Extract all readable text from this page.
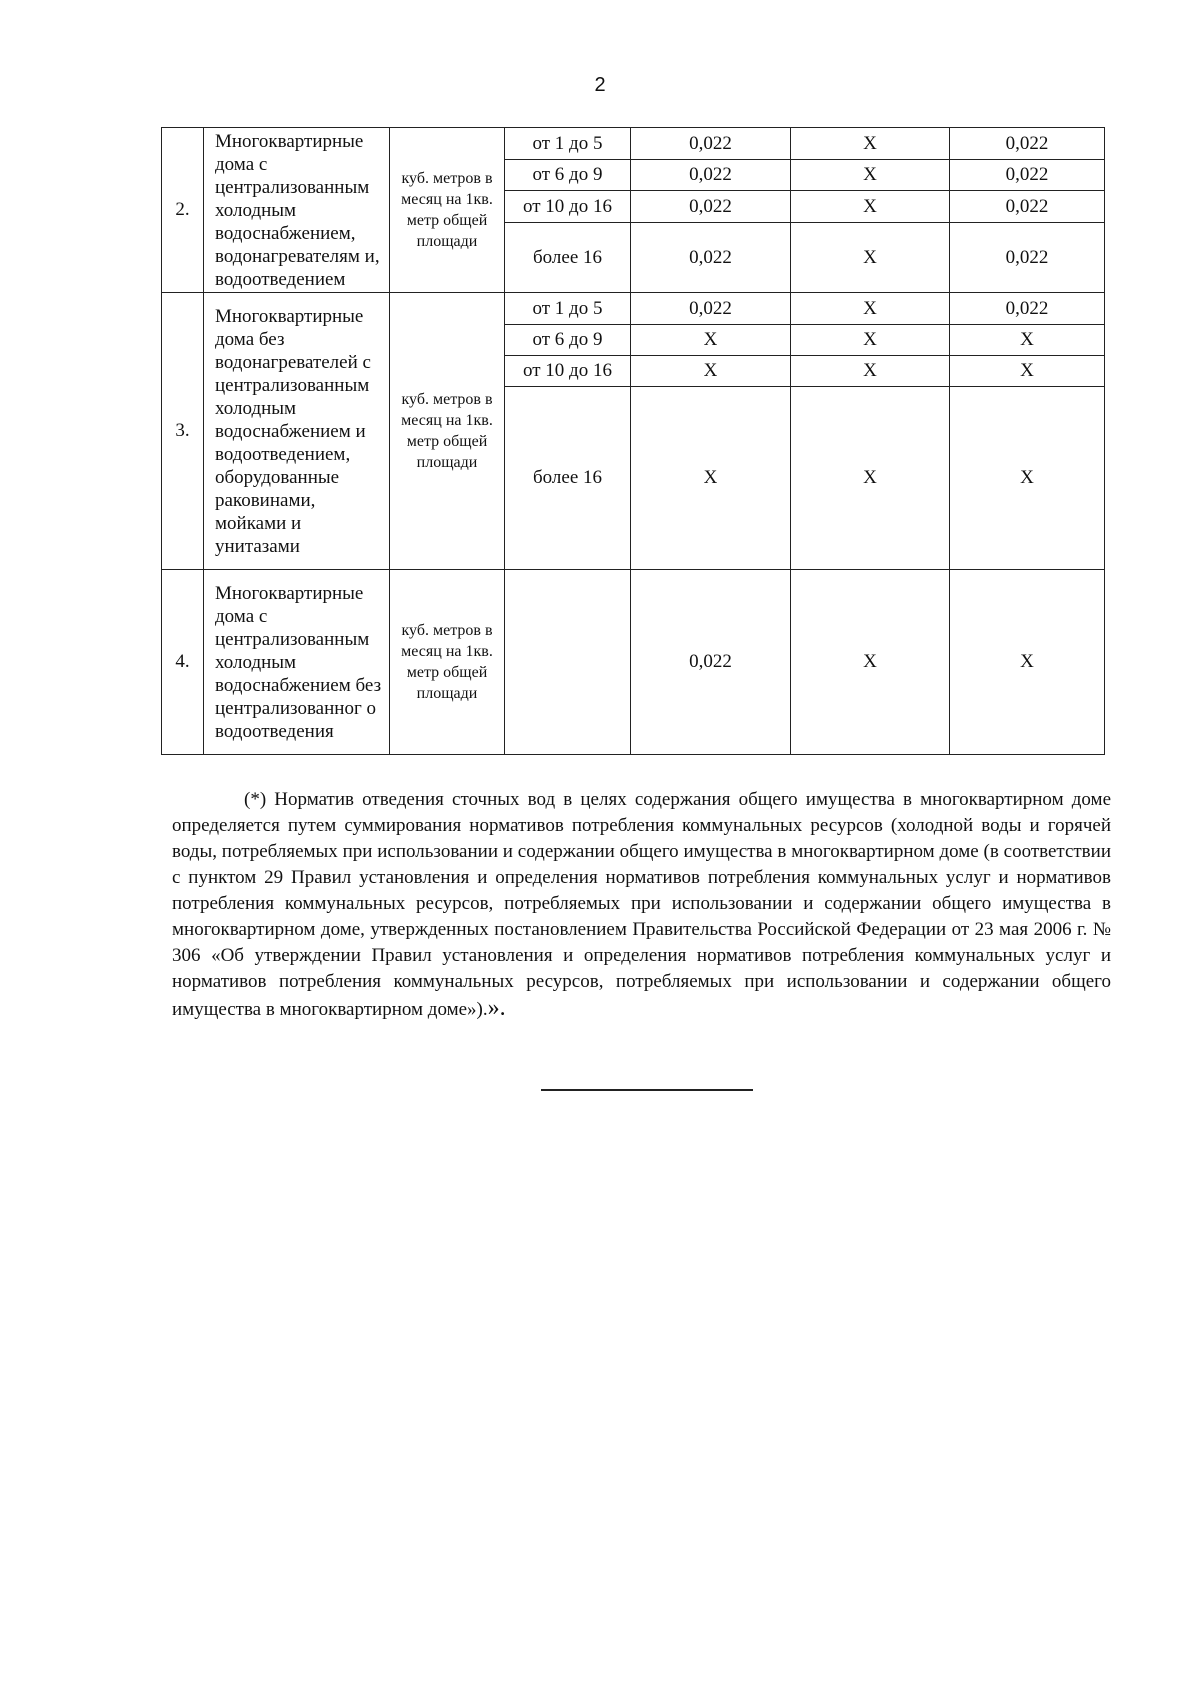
2
2.	Многоквартирные дома с централизованным холодным водоснабжением, водонагревателям и, водоотведением	куб. метров в месяц на 1кв. метр общей площади	от 1 до 5	0,022	X	0,022
			от 6 до 9	0,022	X	0,022
			от 10 до 16	0,022	X	0,022
			более 16	0,022	X	0,022
3.	Многоквартирные дома без водонагревателей с централизованным холодным водоснабжением и водоотведением, оборудованные раковинами, мойками и унитазами	куб. метров в месяц на 1кв. метр общей площади	от 1 до 5	0,022	X	0,022
			от 6 до 9	X	X	X
			от 10 до 16	X	X	X
			более 16	X	X	X
4.	Многоквартирные дома с централизованным холодным водоснабжением без централизованног о водоотведения	куб. метров в месяц на 1кв. метр общей площади		0,022	X	X

(*) Норматив отведения сточных вод в целях содержания общего имущества в многоквартирном доме определяется путем суммирования нормативов потребления коммунальных ресурсов (холодной воды и горячей воды, потребляемых при использовании и содержании общего имущества в многоквартирном доме (в соответствии с пунктом 29 Правил установления и определения нормативов потребления коммунальных услуг и нормативов потребления коммунальных ресурсов, потребляемых при использовании и содержании общего имущества в многоквартирном доме, утвержденных постановлением Правительства Российской Федерации от 23 мая 2006 г. № 306 «Об утверждении Правил установления и определения нормативов потребления коммунальных услуг и нормативов потребления коммунальных ресурсов, потребляемых при использовании и содержании общего имущества в многоквартирном доме»).».
